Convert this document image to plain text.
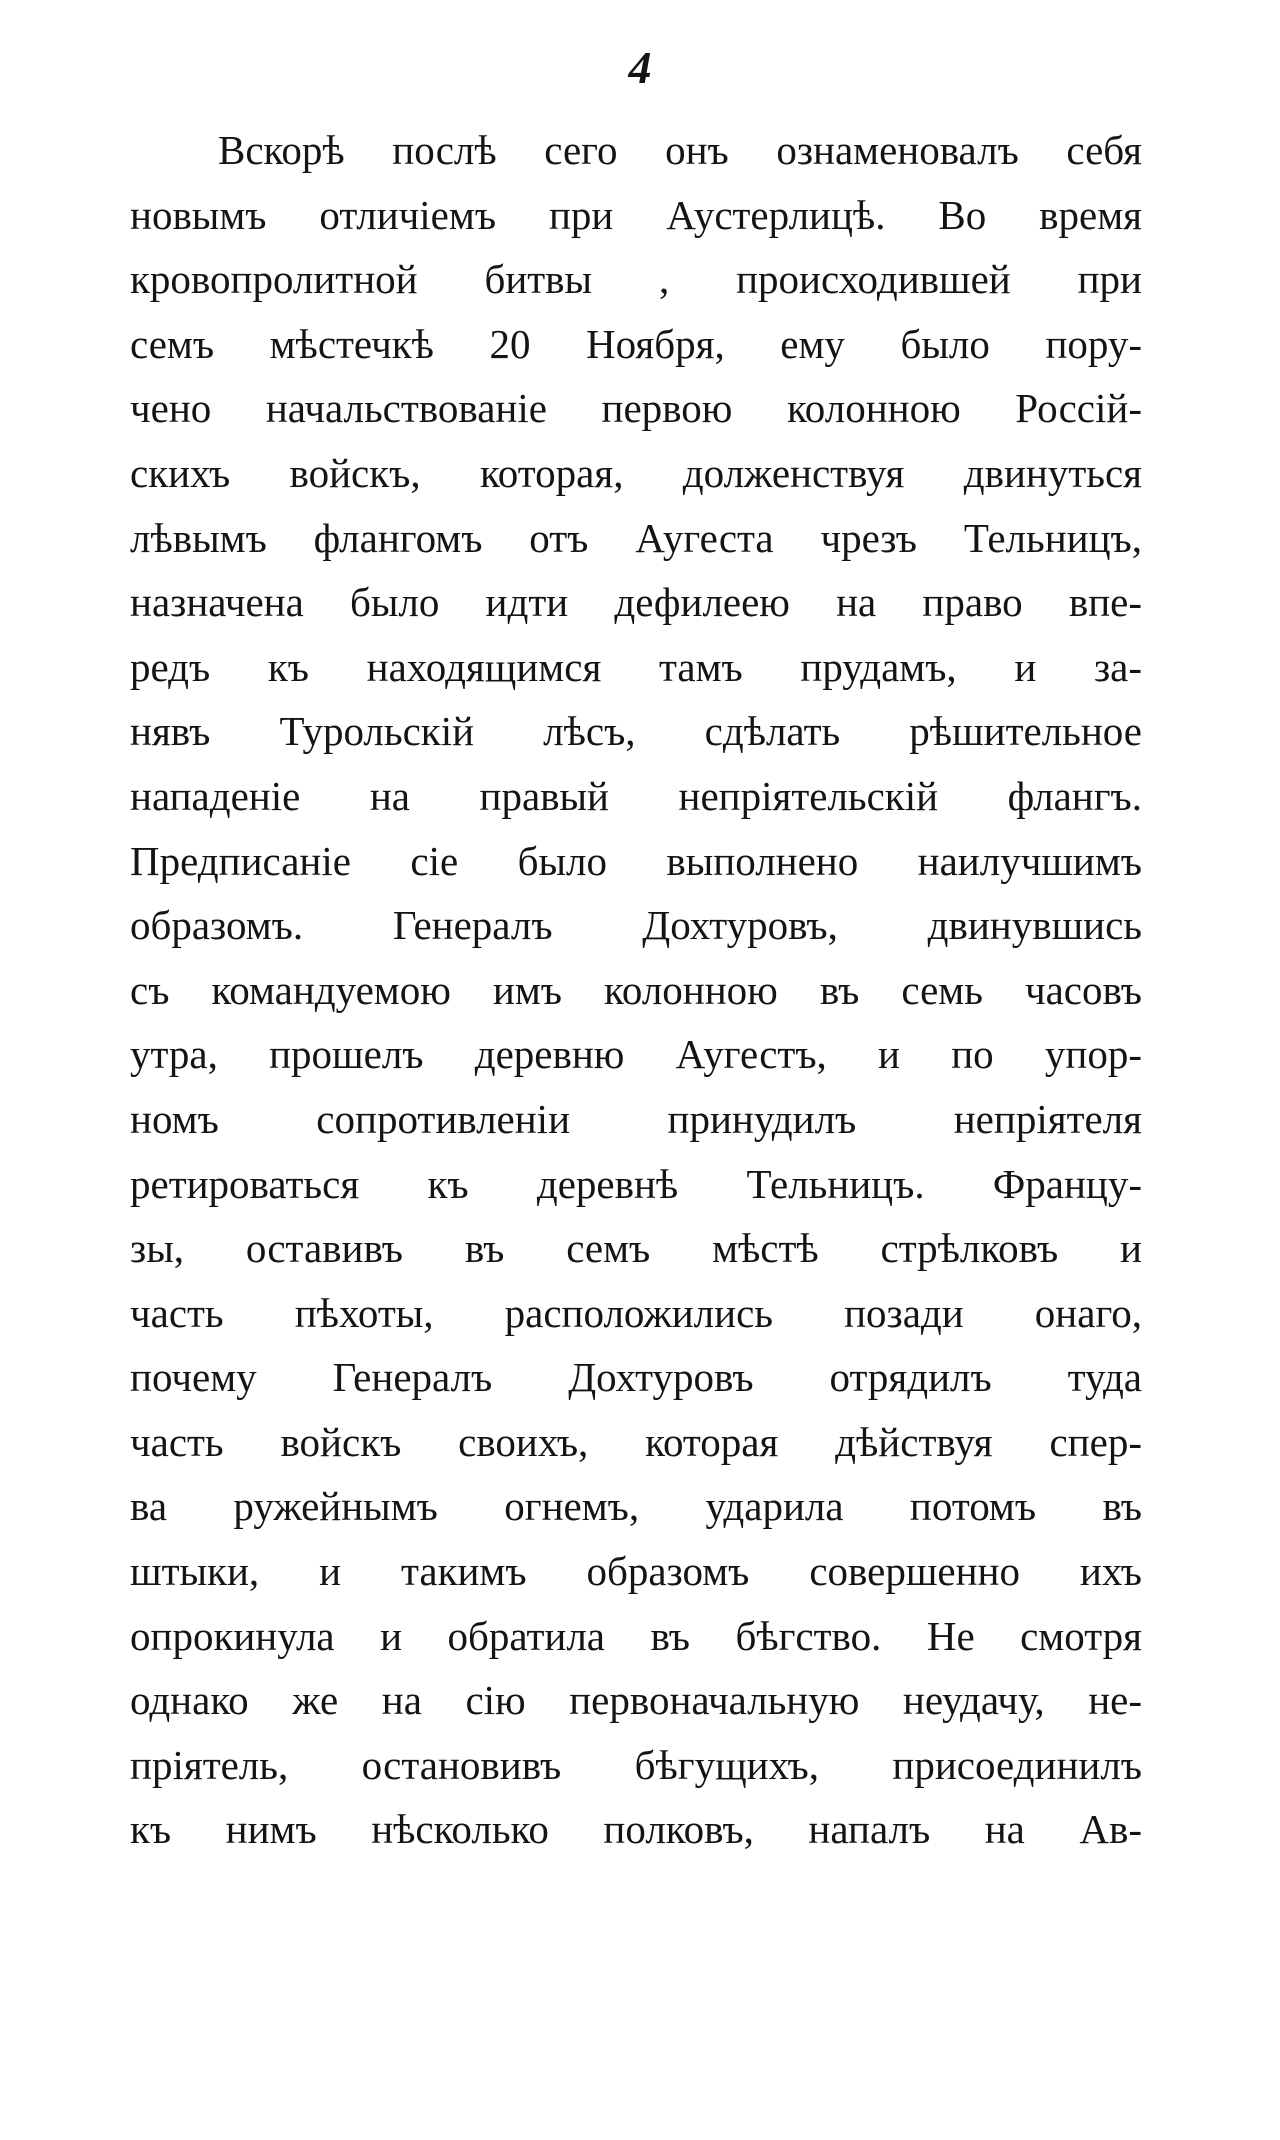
4
Вскорѣ послѣ сего онъ ознаменовалъ себя
новымъ отличіемъ при Аустерлицѣ. Во время
кровопролитной битвы , происходившей при
семъ мѣстечкѣ 20 Ноября, ему было пору-
чено начальствованіе первою колонною Россій-
скихъ войскъ, которая, долженствуя двинуться
лѣвымъ флангомъ отъ Аугеста чрезъ Тельницъ,
назначена было идти дефилеею на право впе-
редъ къ находящимся тамъ прудамъ, и за-
нявъ Турольскій лѣсъ, сдѣлать рѣшительное
нападеніе на правый непріятельскій флангъ.
Предписаніе сіе было выполнено наилучшимъ
образомъ. Генералъ Дохтуровъ, двинувшись
съ командуемою имъ колонною въ семь часовъ
утра, прошелъ деревню Аугестъ, и по упор-
номъ сопротивленіи принудилъ непріятеля
ретироваться къ деревнѣ Тельницъ. Францу-
зы, оставивъ въ семъ мѣстѣ стрѣлковъ и
часть пѣхоты, расположились позади онаго,
почему Генералъ Дохтуровъ отрядилъ туда
часть войскъ своихъ, которая дѣйствуя спер-
ва ружейнымъ огнемъ, ударила потомъ въ
штыки, и такимъ образомъ совершенно ихъ
опрокинула и обратила въ бѣгство. Не смотря
однако же на сію первоначальную неудачу, не-
пріятель, остановивъ бѣгущихъ, присоединилъ
къ нимъ нѣсколько полковъ, напалъ на Ав-
